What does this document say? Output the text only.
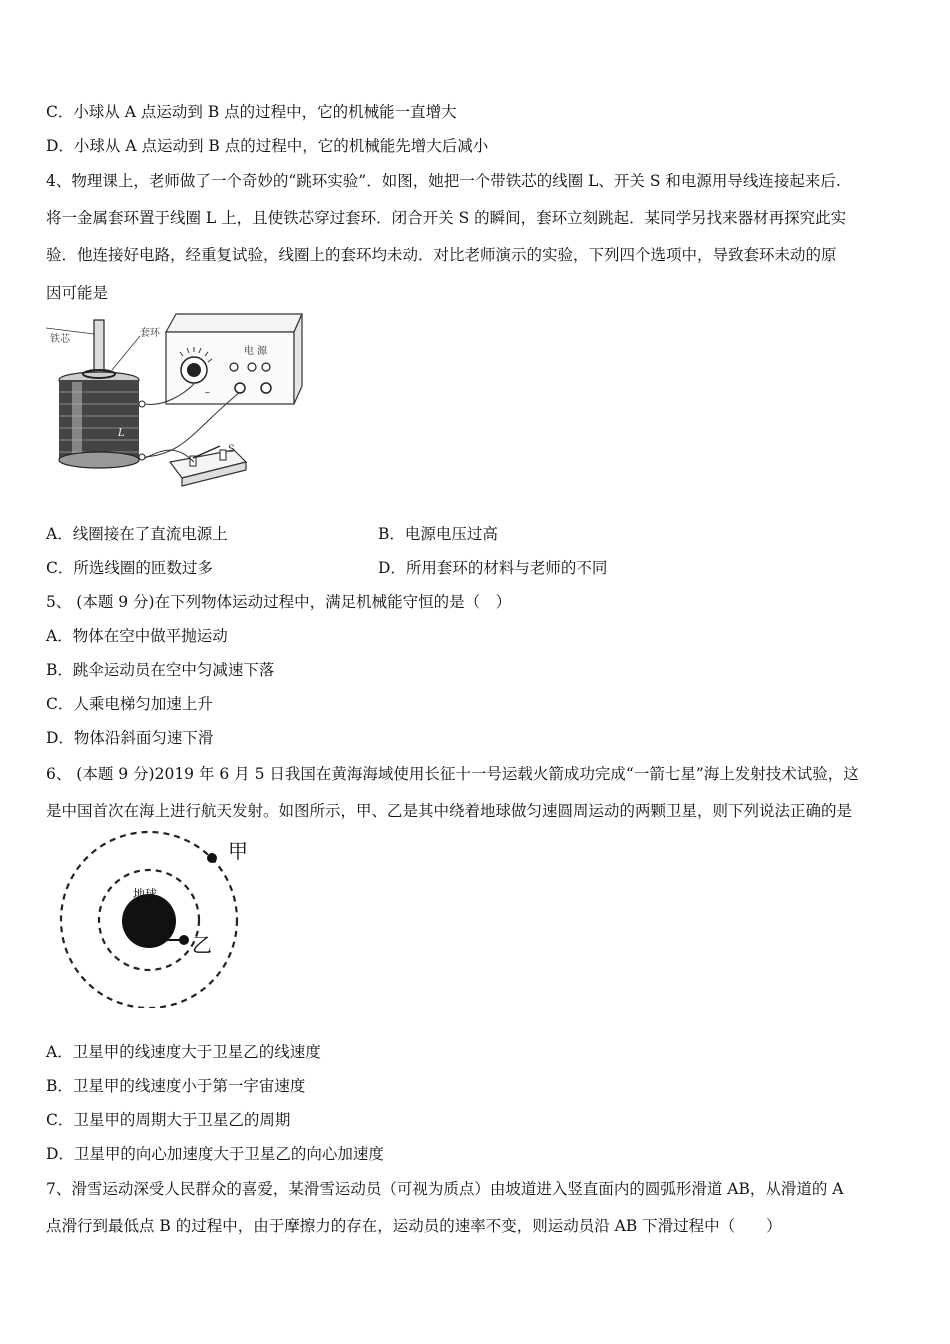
C．小球从 A 点运动到 B 点的过程中，它的机械能一直增大
D．小球从 A 点运动到 B 点的过程中，它的机械能先增大后减小
4、物理课上，老师做了一个奇妙的“跳环实验”．如图，她把一个带铁芯的线圈 L、开关 S 和电源用导线连接起来后.
将一金属套环置于线圈 L 上，且使铁芯穿过套环．闭合开关 S 的瞬间，套环立刻跳起．某同学另找来器材再探究此实
验．他连接好电路，经重复试验，线圈上的套环均未动．对比老师演示的实验，下列四个选项中，导致套环未动的原
因可能是
~
电 源
铁芯
套环
L
S
A．线圈接在了直流电源上	B．电源电压过高
C．所选线圈的匝数过多	D．所用套环的材料与老师的不同
5、 (本题 9 分)在下列物体运动过程中，满足机械能守恒的是（　）
A．物体在空中做平抛运动
B．跳伞运动员在空中匀减速下落
C．人乘电梯匀加速上升
D．物体沿斜面匀速下滑
6、 (本题 9 分)2019 年 6 月 5 日我国在黄海海域使用长征十一号运载火箭成功完成“一箭七星”海上发射技术试验，这
是中国首次在海上进行航天发射。如图所示，甲、乙是其中绕着地球做匀速圆周运动的两颗卫星，则下列说法正确的是
地球
甲
乙
A．卫星甲的线速度大于卫星乙的线速度
B．卫星甲的线速度小于第一宇宙速度
C．卫星甲的周期大于卫星乙的周期
D．卫星甲的向心加速度大于卫星乙的向心加速度
7、滑雪运动深受人民群众的喜爱，某滑雪运动员（可视为质点）由坡道进入竖直面内的圆弧形滑道 AB，从滑道的 A
点滑行到最低点 B 的过程中，由于摩擦力的存在，运动员的速率不变，则运动员沿 AB 下滑过程中（　　）
